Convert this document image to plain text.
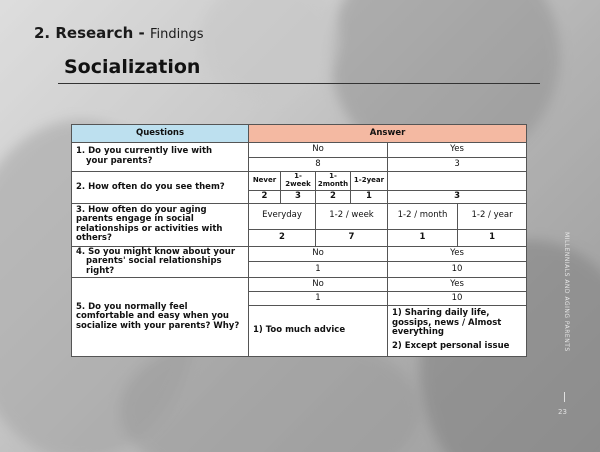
2. Research - Findings
Socialization
MILLENNIALS AND AGING PARENTS
23
Questions	Answer					
1. Do you currently live with
your parents?	No				Yes	
	8				3	
2. How often do you see them?	Never	1-2week	1-2month	1-2year		
	2	3	2	1	3	
3. How often do your aging parents engage in social relationships or activities with others?	Everyday		1-2 / week		1-2 / month	1-2 / year
	2		7		1	1
4. So you might know about your
parents' social relationships right?	No				Yes	
	1				10	
5. Do you normally feel comfortable and easy when you socialize with your parents? Why?	No				Yes	
	1				10	
	1) Too much advice				1) Sharing daily life, gossips, news / Almost everything
2) Except personal issue	
